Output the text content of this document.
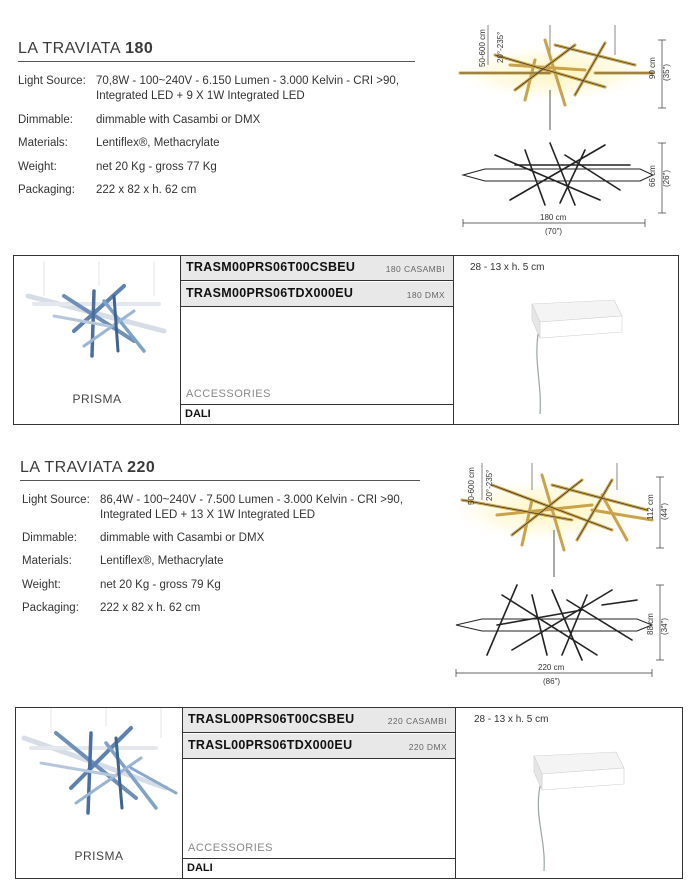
LA TRAVIATA 180
Light Source: 70,8W - 100~240V - 6.150 Lumen - 3.000 Kelvin - CRI >90, Integrated LED + 9 X 1W Integrated LED
Dimmable:	dimmable with Casambi or DMX
Materials:	Lentiflex®, Methacrylate
Weight:	net 20 Kg - gross 77 Kg
Packaging:	222 x 82 x h. 62 cm
50-600 cm 20°-235°
90 cm (35")
66 cm (26")
180 cm
(70")
PRISMA
TRASM00PRS06T00CSBEU	180 CASAMBI
TRASM00PRS06TDX000EU	180 DMX
ACCESSORIES
DALI
28 - 13 x h. 5 cm
LA TRAVIATA 220
Light Source: 86,4W - 100~240V - 7.500 Lumen - 3.000 Kelvin - CRI >90, Integrated LED + 13 X 1W Integrated LED
Dimmable:	dimmable with Casambi or DMX
Materials:	Lentiflex®, Methacrylate
Weight:	net 20 Kg - gross 79 Kg
Packaging:	222 x 82 x h. 62 cm
50-600 cm 20°-235°
112 cm (44")
88 cm (34")
220 cm
(86")
PRISMA
TRASL00PRS06T00CSBEU	220 CASAMBI
TRASL00PRS06TDX000EU	220 DMX
ACCESSORIES
DALI
28 - 13 x h. 5 cm
